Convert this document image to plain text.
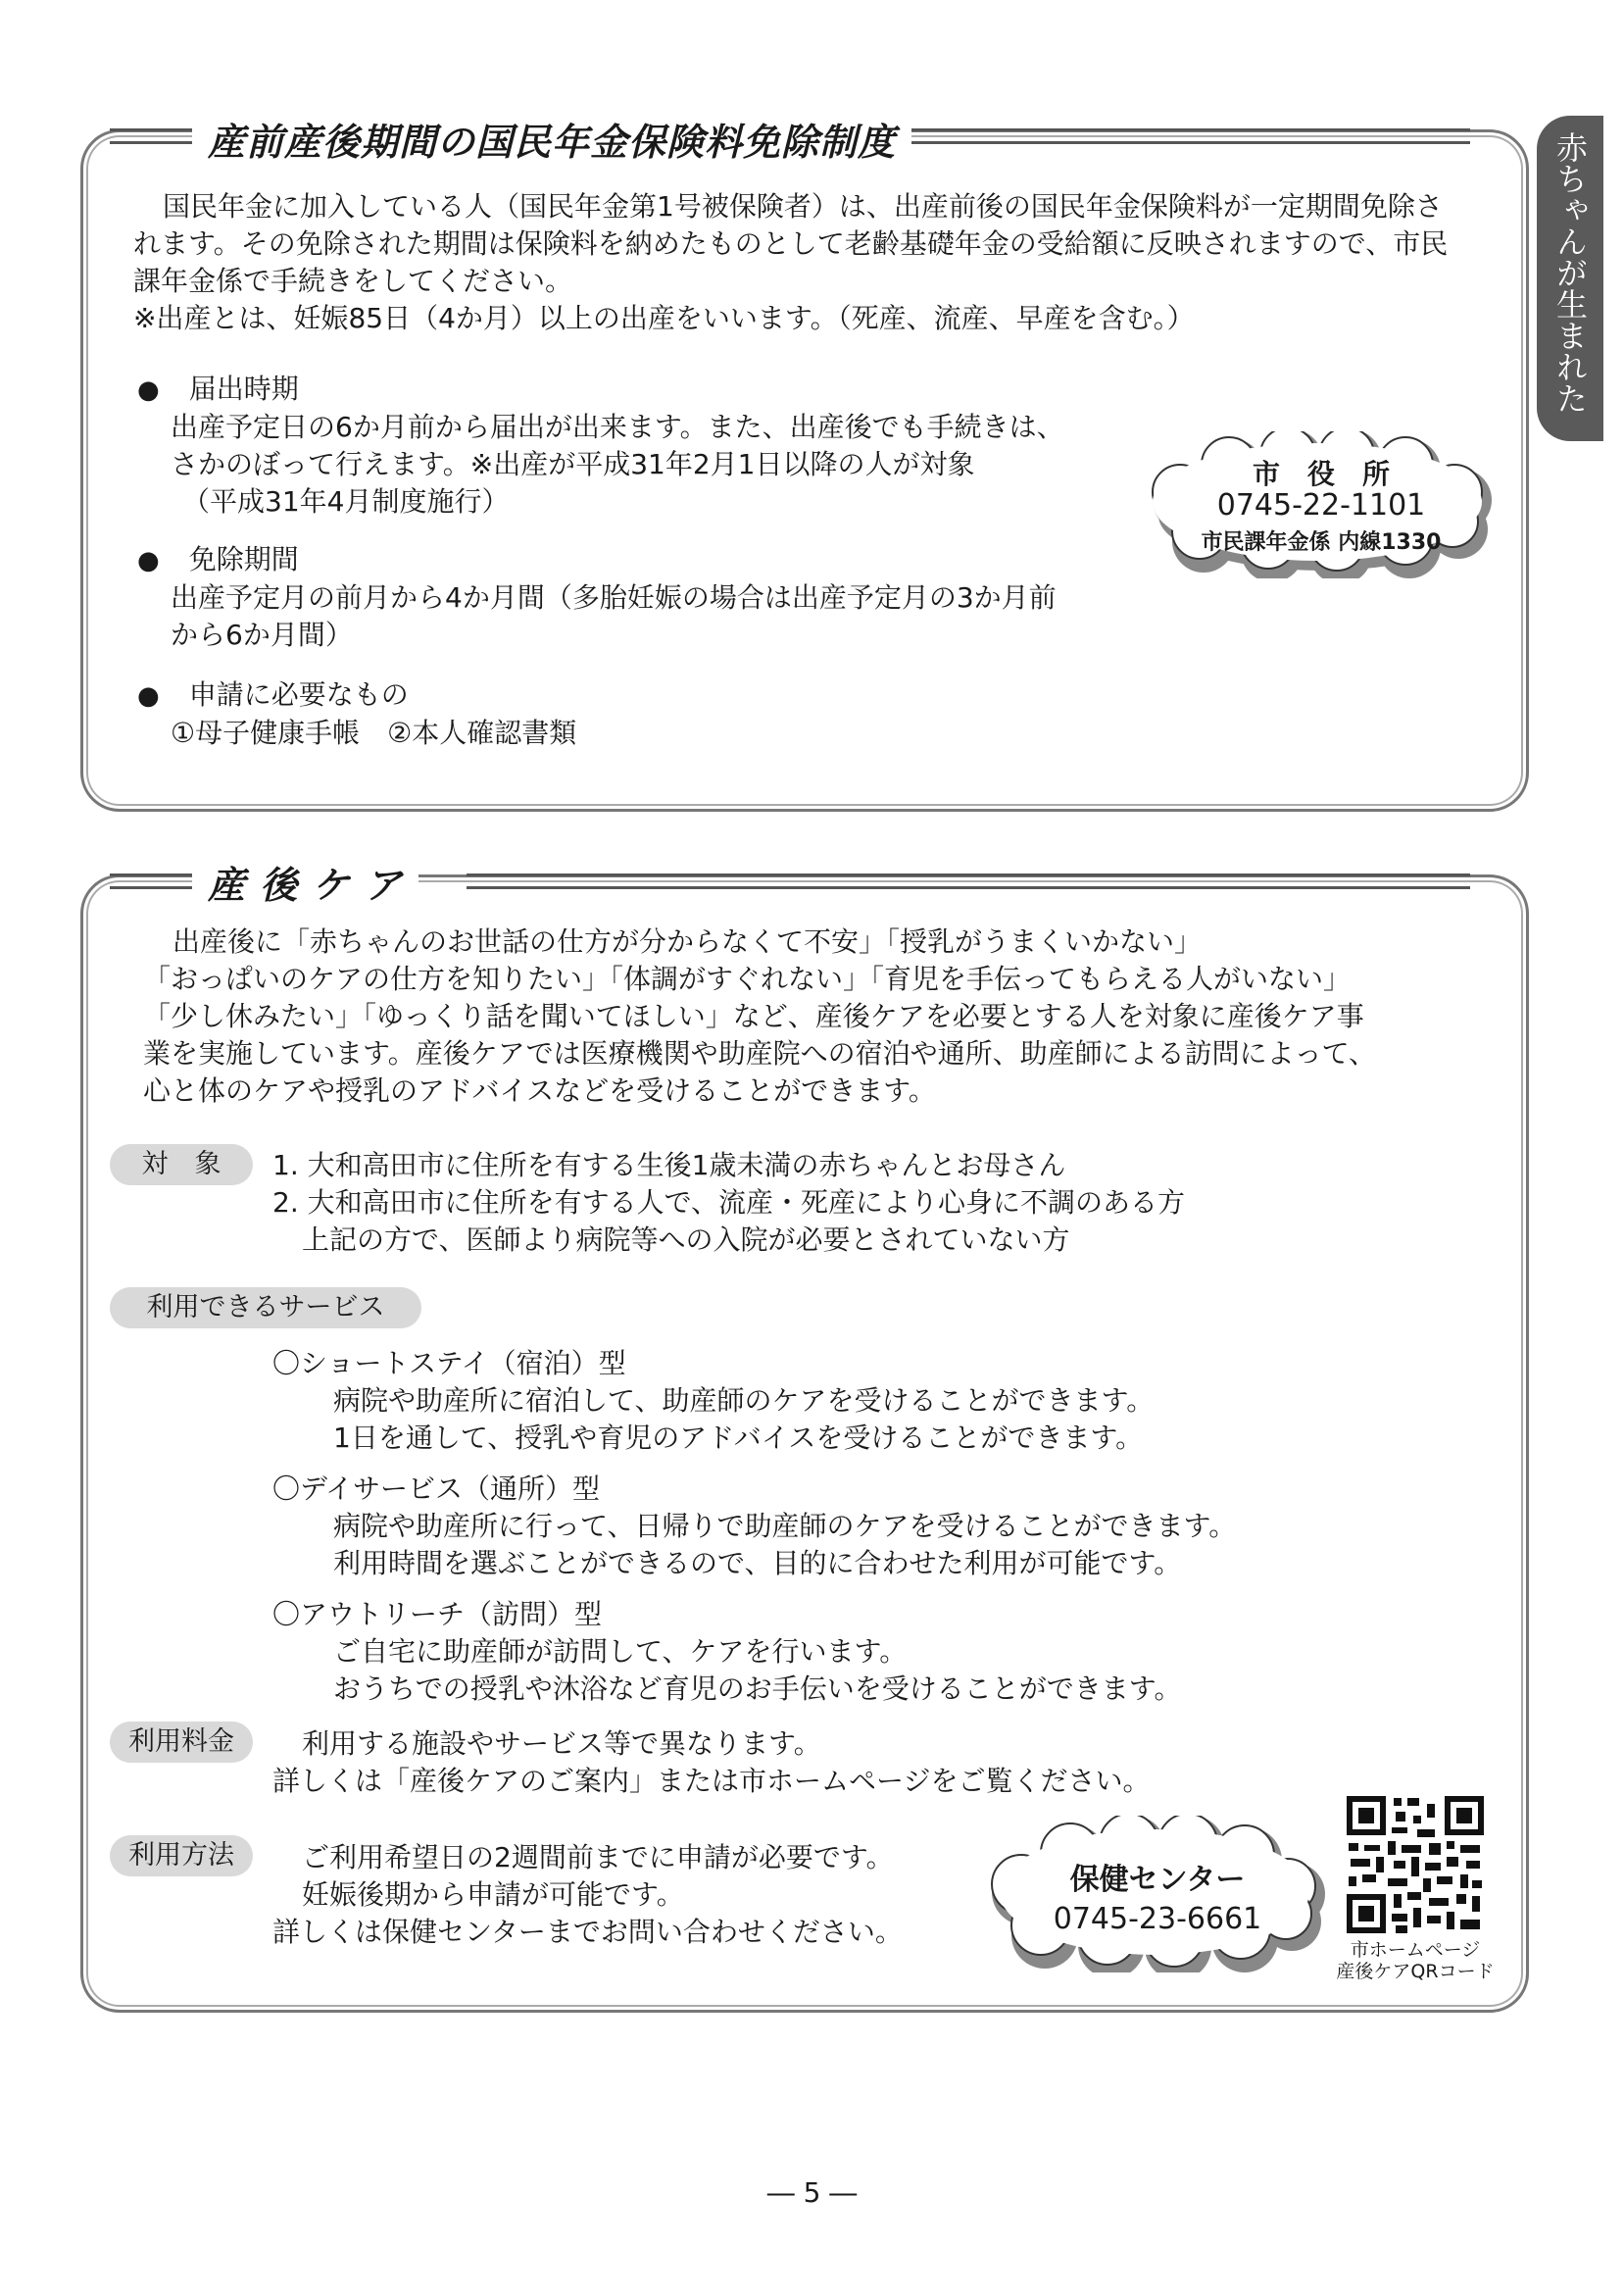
赤ちゃんが生まれたら
産前産後期間の国民年金保険料免除制度
国民年金に加入している人（国民年金第1号被保険者）は、出産前後の国民年金保険料が一定期間免除さ
れます。その免除された期間は保険料を納めたものとして老齢基礎年金の受給額に反映されますので、市民
課年金係で手続きをしてください。
※出産とは、妊娠85日（4か月）以上の出産をいいます。（死産、流産、早産を含む。）
● 届出時期
出産予定日の6か月前から届出が出来ます。また、出産後でも手続きは、
さかのぼって行えます。※出産が平成31年2月1日以降の人が対象
（平成31年4月制度施行）
● 免除期間
出産予定月の前月から4か月間（多胎妊娠の場合は出産予定月の3か月前
から6か月間）
● 申請に必要なもの
①母子健康手帳　②本人確認書類
市　役　所
0745-22-1101
市民課年金係 内線1330
産 後 ケ ア
出産後に「赤ちゃんのお世話の仕方が分からなくて不安」「授乳がうまくいかない」
「おっぱいのケアの仕方を知りたい」「体調がすぐれない」「育児を手伝ってもらえる人がいない」
「少し休みたい」「ゆっくり話を聞いてほしい」など、産後ケアを必要とする人を対象に産後ケア事
業を実施しています。産後ケアでは医療機関や助産院への宿泊や通所、助産師による訪問によって、
心と体のケアや授乳のアドバイスなどを受けることができます。
対　象	1. 大和高田市に住所を有する生後1歳未満の赤ちゃんとお母さん
2. 大和高田市に住所を有する人で、流産・死産により心身に不調のある方
上記の方で、医師より病院等への入院が必要とされていない方
利用できるサービス
〇ショートステイ（宿泊）型
病院や助産所に宿泊して、助産師のケアを受けることができます。
1日を通して、授乳や育児のアドバイスを受けることができます。
〇デイサービス（通所）型
病院や助産所に行って、日帰りで助産師のケアを受けることができます。
利用時間を選ぶことができるので、目的に合わせた利用が可能です。
〇アウトリーチ（訪問）型
ご自宅に助産師が訪問して、ケアを行います。
おうちでの授乳や沐浴など育児のお手伝いを受けることができます。
利用料金	利用する施設やサービス等で異なります。
詳しくは「産後ケアのご案内」または市ホームページをご覧ください。
利用方法	ご利用希望日の2週間前までに申請が必要です。
妊娠後期から申請が可能です。
詳しくは保健センターまでお問い合わせください。
保健センター
0745-23-6661
市ホームページ
産後ケアQRコード
― 5 ―
